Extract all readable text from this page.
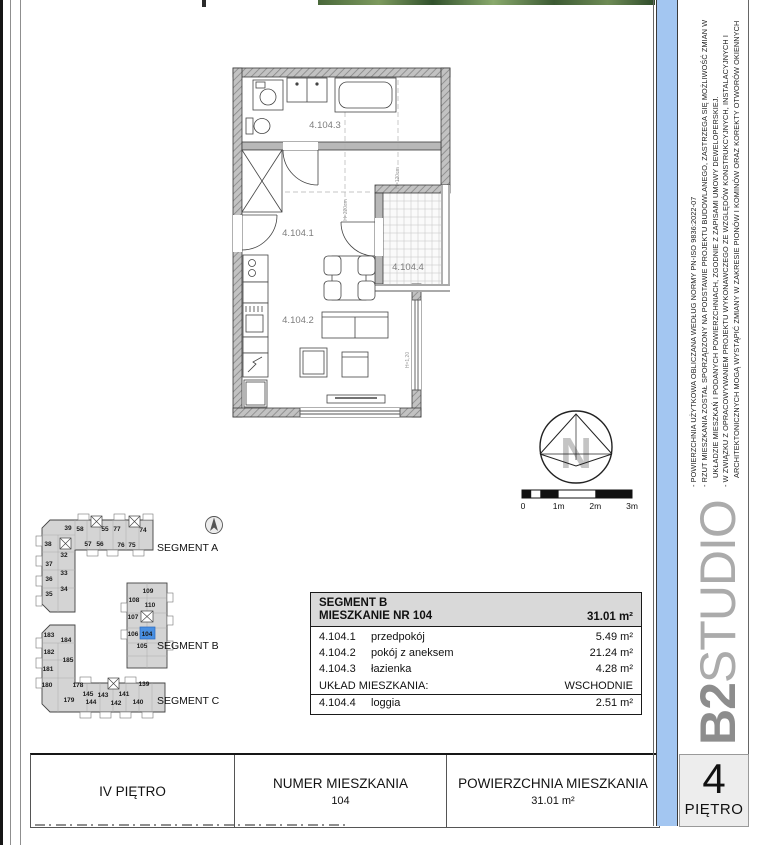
4.104.3
4.104.1
4.104.2
4.104.4
H=220cm
H=120cm
H=1,20
N
0	1m	2m	3m
39 58	55 77	74
57 56 76 75
38
32
37
33
36
34
35
SEGMENT A
109
108
110
107
106 104
105 SEGMENT B
183
184
182
185
181
180	178	139
145 143 141
179 144 142 140 SEGMENT C
SEGMENT B
MIESZKANIE NR 104	31.01 m²
4.104.1	przedpokój	5.49 m²
4.104.2	pokój z aneksem	21.24 m²
4.104.3	łazienka	4.28 m²
UKŁAD MIESZKANIA:	WSCHODNIE
4.104.4	loggia	2.51 m²
IV PIĘTRO
NUMER MIESZKANIA
104
POWIERZCHNIA MIESZKANIA
31.01 m²
- POWIERZCHNIA UŻYTKOWA OBLICZANA WEDŁUG NORMY PN-ISO 9836:2022-07 - RZUT MIESZKANIA ZOSTAŁ SPORZĄDZONY NA PODSTAWIE PROJEKTU BUDOWLANEGO, ZASTRZEGA SIĘ MOŻLIWOŚĆ ZMIAN W UKŁADZIE MIESZKAŃ I PODANYCH POWIERZCHNIACH, ZGODNIE Z ZAPISAMI UMOWY DEWELOPERSKIEJ. - W ZWIĄZKU Z OPRACOWYWANIEM PROJEKTU WYKONAWCZEGO ZE WZGLĘDÓW KONSTRUKCYJNYCH, INSTALACYJNYCH I ARCHITEKTONICZNYCH MOGĄ WYSTĄPIĆ ZMIANY W ZAKRESIE PIONÓW I KOMINÓW ORAZ KOREKTY OTWORÓW OKIENNYCH
B2STUDIO
4
PIĘTRO
